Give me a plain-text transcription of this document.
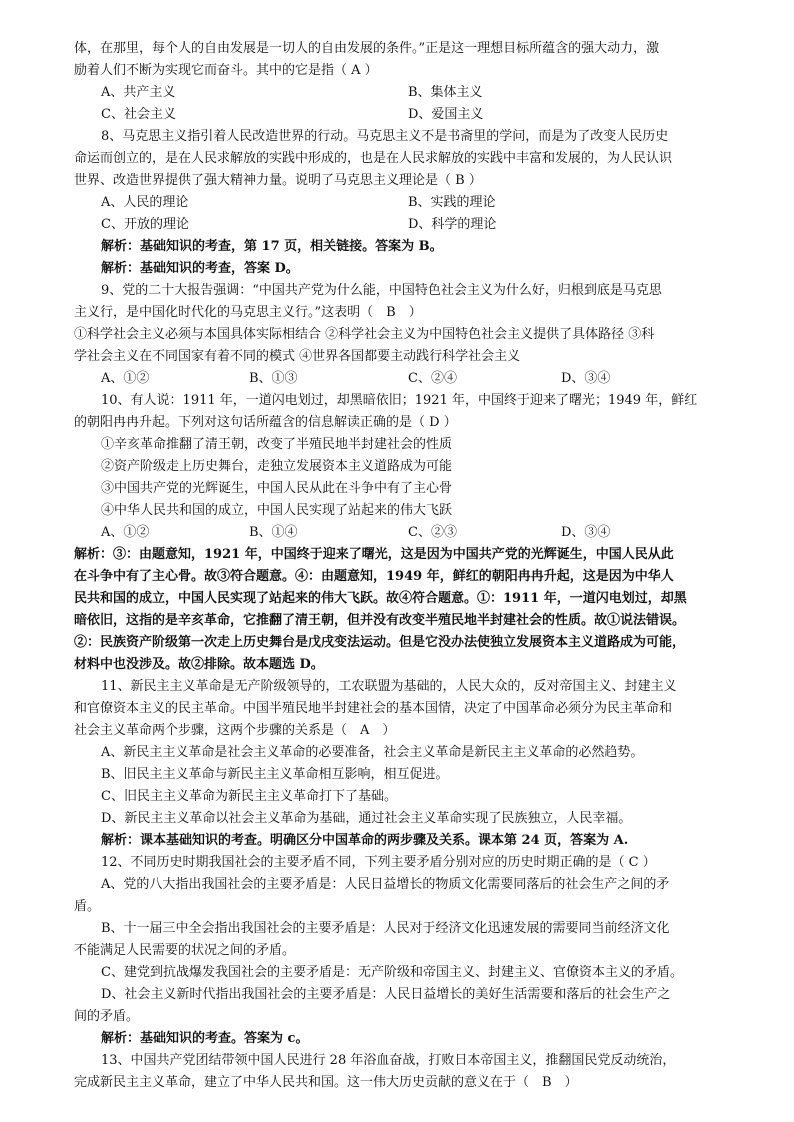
体，在那里，每个人的自由发展是一切人的自由发展的条件。”正是这一理想目标所蕴含的强大动力，激
励着人们不断为实现它而奋斗。其中的它是指（ A ）
A、共产主义	B、集体主义
C、社会主义	D、爱国主义
8、马克思主义指引着人民改造世界的行动。马克思主义不是书斋里的学问，而是为了改变人民历史
命运而创立的，是在人民求解放的实践中形成的，也是在人民求解放的实践中丰富和发展的，为人民认识
世界、改造世界提供了强大精神力量。说明了马克思主义理论是（ B ）
A、人民的理论	B、实践的理论
C、开放的理论	D、科学的理论
解析：基础知识的考查，第 17 页，相关链接。答案为 B。
解析：基础知识的考查，答案 D。
9、党的二十大报告强调：“中国共产党为什么能，中国特色社会主义为什么好，归根到底是马克思
主义行，是中国化时代化的马克思主义行。”这表明（　B　）
①科学社会主义必须与本国具体实际相结合 ②科学社会主义为中国特色社会主义提供了具体路径 ③科
学社会主义在不同国家有着不同的模式 ④世界各国都要主动践行科学社会主义
A、①②	B、①③	C、②④	D、③④
10、有人说：1911 年，一道闪电划过，却黑暗依旧；1921 年，中国终于迎来了曙光；1949 年，鲜红
的朝阳冉冉升起。下列对这句话所蕴含的信息解读正确的是（ D ）
①辛亥革命推翻了清王朝，改变了半殖民地半封建社会的性质
②资产阶级走上历史舞台，走独立发展资本主义道路成为可能
③中国共产党的光辉诞生，中国人民从此在斗争中有了主心骨
④中华人民共和国的成立，中国人民实现了站起来的伟大飞跃
A、①②	B、①④	C、②③	D、③④
解析：③：由题意知，1921 年，中国终于迎来了曙光，这是因为中国共产党的光辉诞生，中国人民从此
在斗争中有了主心骨。故③符合题意。④：由题意知，1949 年，鲜红的朝阳冉冉升起，这是因为中华人
民共和国的成立，中国人民实现了站起来的伟大飞跃。故④符合题意。①：1911 年，一道闪电划过，却黑
暗依旧，这指的是辛亥革命，它推翻了清王朝，但并没有改变半殖民地半封建社会的性质。故①说法错误。
②：民族资产阶级第一次走上历史舞台是戊戌变法运动。但是它没办法使独立发展资本主义道路成为可能，
材料中也没涉及。故②排除。故本题选 D。
11、新民主主义革命是无产阶级领导的，工农联盟为基础的，人民大众的，反对帝国主义、封建主义
和官僚资本主义的民主革命。中国半殖民地半封建社会的基本国情，决定了中国革命必须分为民主革命和
社会主义革命两个步骤，这两个步骤的关系是（　A　）
A、新民主主义革命是社会主义革命的必要准备，社会主义革命是新民主主义革命的必然趋势。
B、旧民主主义革命与新民主主义革命相互影响，相互促进。
C、旧民主主义革命为新民主主义革命打下了基础。
D、新民主主义革命以社会主义革命为基础，通过社会主义革命实现了民族独立，人民幸福。
解析：课本基础知识的考查。明确区分中国革命的两步骤及关系。课本第 24 页，答案为 A.
12、不同历史时期我国社会的主要矛盾不同，下列主要矛盾分别对应的历史时期正确的是（ C ）
A、党的八大指出我国社会的主要矛盾是：人民日益增长的物质文化需要同落后的社会生产之间的矛
盾。
B、十一届三中全会指出我国社会的主要矛盾是：人民对于经济文化迅速发展的需要同当前经济文化
不能满足人民需要的状况之间的矛盾。
C、建党到抗战爆发我国社会的主要矛盾是：无产阶级和帝国主义、封建主义、官僚资本主义的矛盾。
D、社会主义新时代指出我国社会的主要矛盾是：人民日益增长的美好生活需要和落后的社会生产之
间的矛盾。
解析：基础知识的考查。答案为 c。
13、中国共产党团结带领中国人民进行 28 年浴血奋战，打败日本帝国主义，推翻国民党反动统治，
完成新民主主义革命，建立了中华人民共和国。这一伟大历史贡献的意义在于（　B　）
